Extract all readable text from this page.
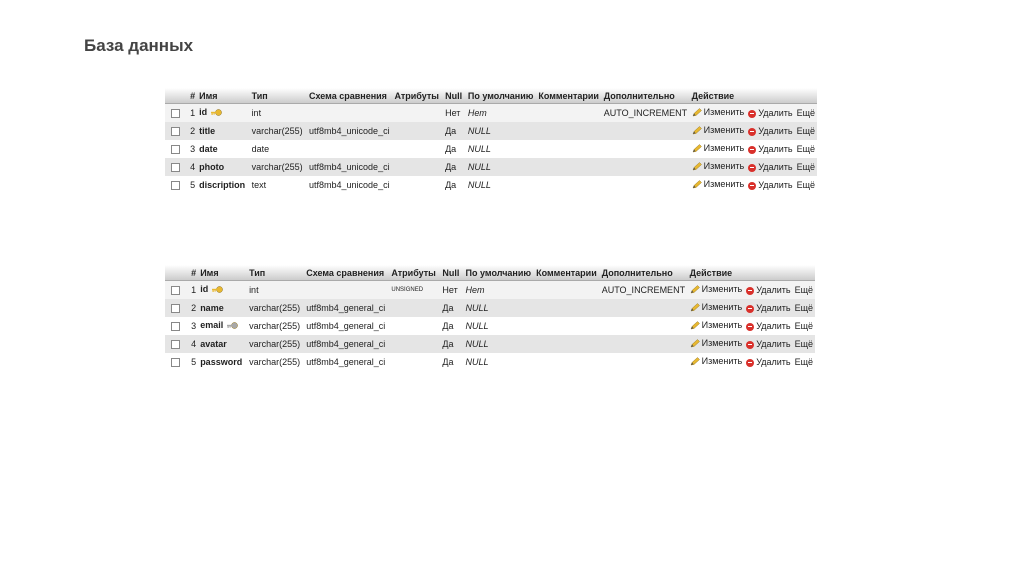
База данных
	#	Имя	Тип	Схема сравнения	Атрибуты	Null	По умолчанию	Комментарии	Дополнительно	Действие		
	1	id	int			Нет	Нет		AUTO_INCREMENT	Изменить	Удалить	Ещё
	2	title	varchar(255)	utf8mb4_unicode_ci		Да	NULL			Изменить	Удалить	Ещё
	3	date	date			Да	NULL			Изменить	Удалить	Ещё
	4	photo	varchar(255)	utf8mb4_unicode_ci		Да	NULL			Изменить	Удалить	Ещё
	5	discription	text	utf8mb4_unicode_ci		Да	NULL			Изменить	Удалить	Ещё
	#	Имя	Тип	Схема сравнения	Атрибуты	Null	По умолчанию	Комментарии	Дополнительно	Действие		
	1	id	int		UNSIGNED	Нет	Нет		AUTO_INCREMENT	Изменить	Удалить	Ещё
	2	name	varchar(255)	utf8mb4_general_ci		Да	NULL			Изменить	Удалить	Ещё
	3	email	varchar(255)	utf8mb4_general_ci		Да	NULL			Изменить	Удалить	Ещё
	4	avatar	varchar(255)	utf8mb4_general_ci		Да	NULL			Изменить	Удалить	Ещё
	5	password	varchar(255)	utf8mb4_general_ci		Да	NULL			Изменить	Удалить	Ещё
